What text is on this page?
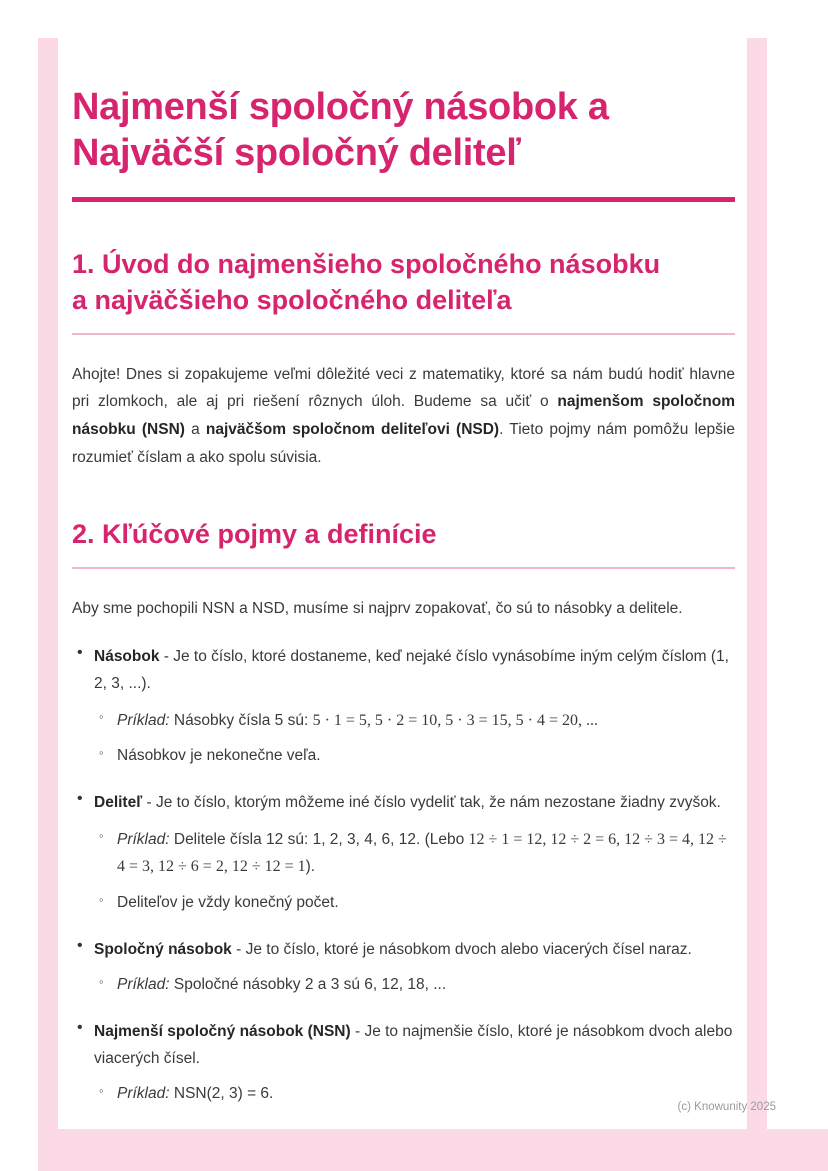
Najmenší spoločný násobok a Najväčší spoločný deliteľ
1. Úvod do najmenšieho spoločného násobku a najväčšieho spoločného deliteľa

Ahojte! Dnes si zopakujeme veľmi dôležité veci z matematiky, ktoré sa nám budú hodiť hlavne pri zlomkoch, ale aj pri riešení rôznych úloh. Budeme sa učiť o najmenšom spoločnom násobku (NSN) a najväčšom spoločnom deliteľovi (NSD). Tieto pojmy nám pomôžu lepšie rozumieť číslam a ako spolu súvisia.

2. Kľúčové pojmy a definície

Aby sme pochopili NSN a NSD, musíme si najprv zopakovať, čo sú to násobky a delitele.

• Násobok - Je to číslo, ktoré dostaneme, keď nejaké číslo vynásobíme iným celým číslom (1, 2, 3, ...).
◦ Príklad: Násobky čísla 5 sú: 5 · 1 = 5, 5 · 2 = 10, 5 · 3 = 15, 5 · 4 = 20, ...
◦ Násobkov je nekonečne veľa.
• Deliteľ - Je to číslo, ktorým môžeme iné číslo vydeliť tak, že nám nezostane žiadny zvyšok.
◦ Príklad: Delitele čísla 12 sú: 1, 2, 3, 4, 6, 12. (Lebo 12 ÷ 1 = 12, 12 ÷ 2 = 6, 12 ÷ 3 = 4, 12 ÷ 4 = 3, 12 ÷ 6 = 2, 12 ÷ 12 = 1).
◦ Deliteľov je vždy konečný počet.
• Spoločný násobok - Je to číslo, ktoré je násobkom dvoch alebo viacerých čísel naraz.
◦ Príklad: Spoločné násobky 2 a 3 sú 6, 12, 18, ...
• Najmenší spoločný násobok (NSN) - Je to najmenšie číslo, ktoré je násobkom dvoch alebo viacerých čísel.
◦ Príklad: NSN(2, 3) = 6.
(c) Knowunity 2025
